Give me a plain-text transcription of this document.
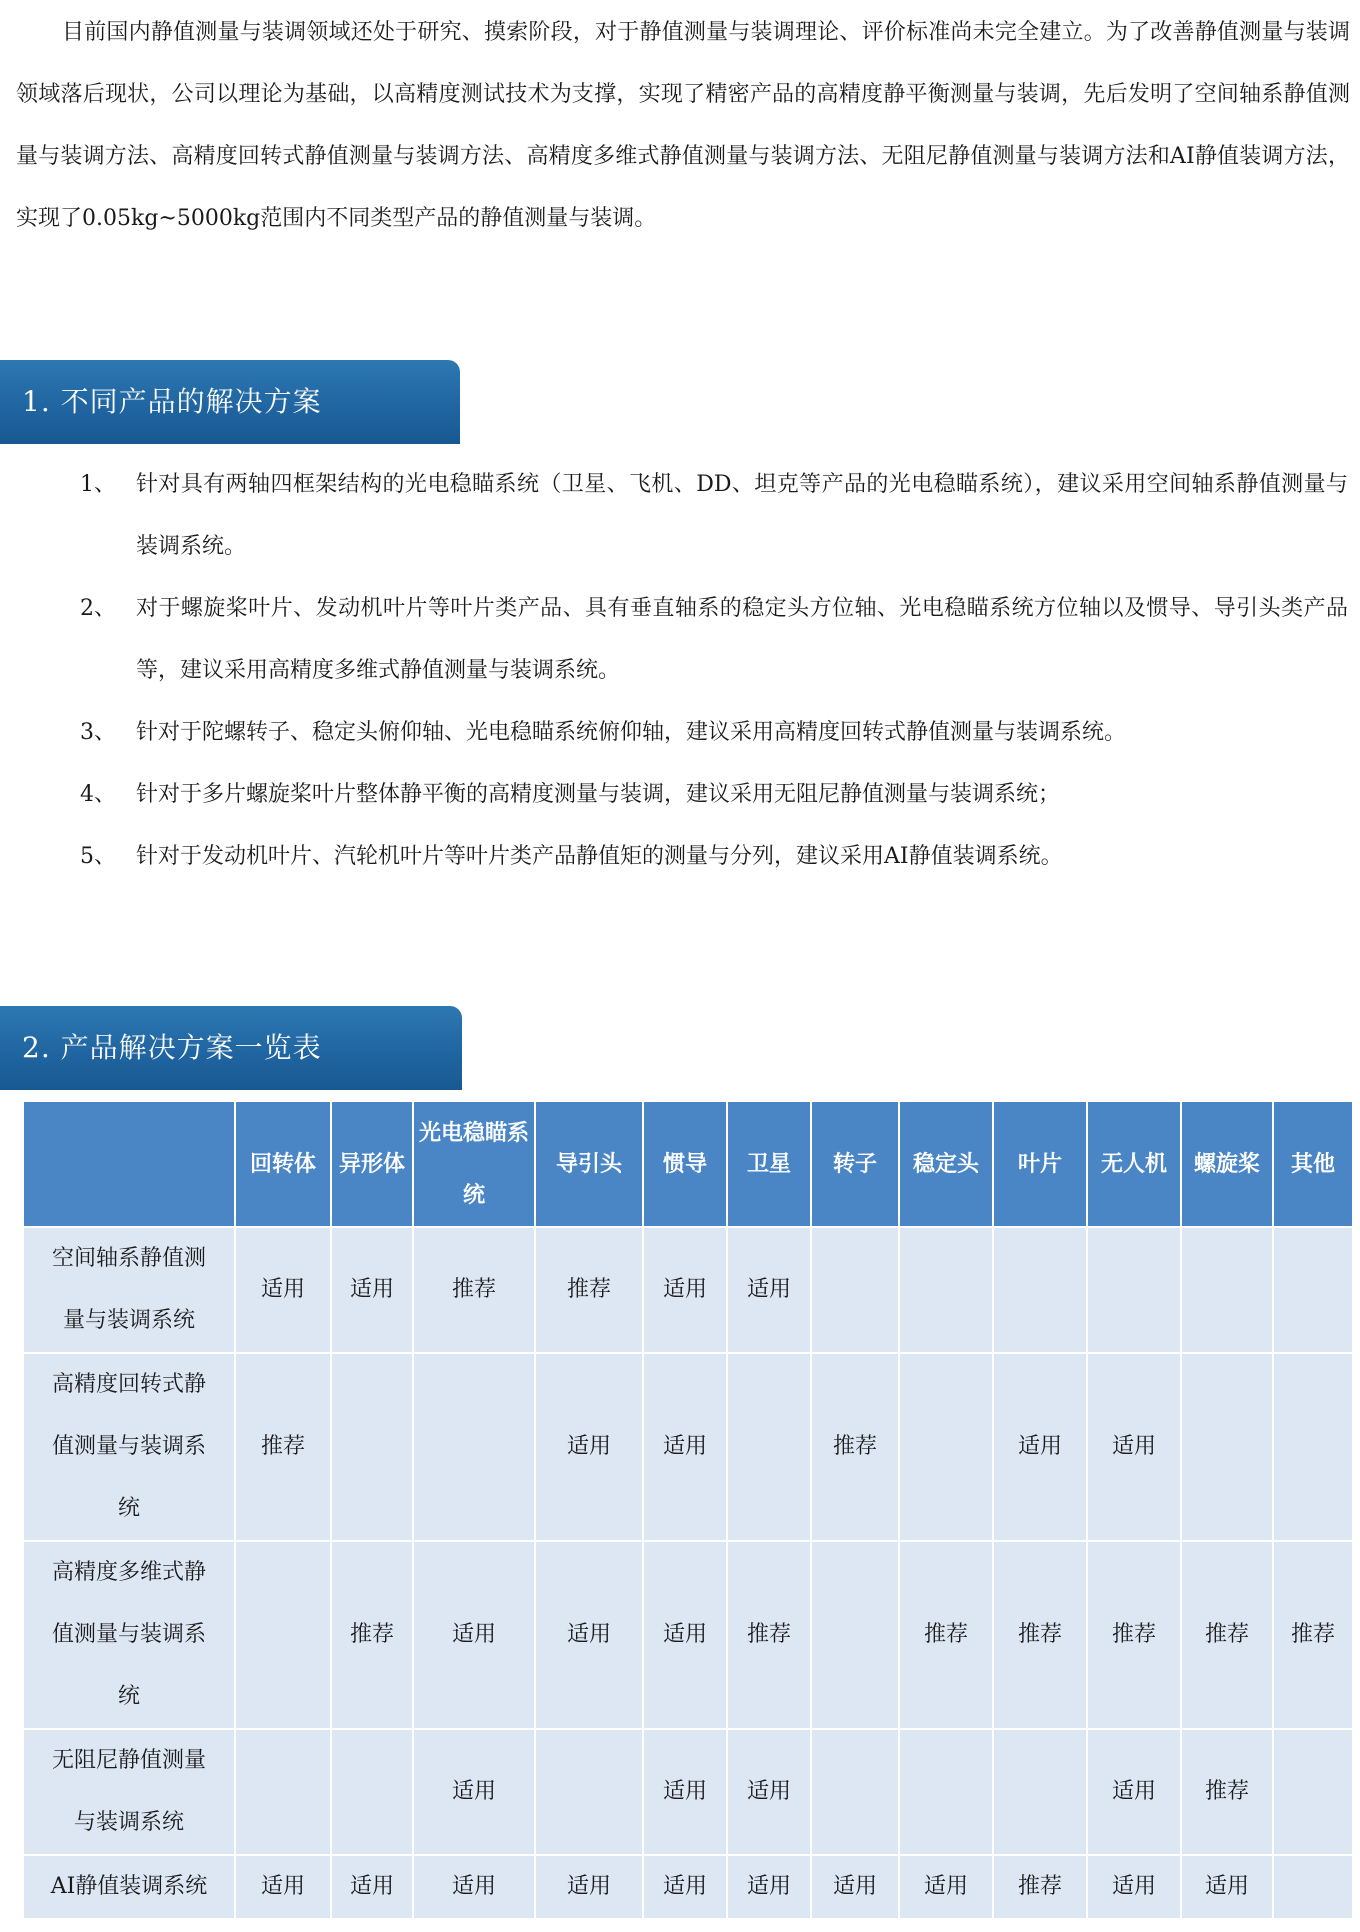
目前国内静值测量与装调领域还处于研究、摸索阶段，对于静值测量与装调理论、评价标准尚未完全建立。为了改善静值测量与装调领域落后现状，公司以理论为基础，以高精度测试技术为支撑，实现了精密产品的高精度静平衡测量与装调，先后发明了空间轴系静值测量与装调方法、高精度回转式静值测量与装调方法、高精度多维式静值测量与装调方法、无阻尼静值测量与装调方法和AI静值装调方法，实现了0.05kg~5000kg范围内不同类型产品的静值测量与装调。

1. 不同产品的解决方案
1、 针对具有两轴四框架结构的光电稳瞄系统（卫星、飞机、DD、坦克等产品的光电稳瞄系统），建议采用空间轴系静值测量与装调系统。
2、 对于螺旋桨叶片、发动机叶片等叶片类产品、具有垂直轴系的稳定头方位轴、光电稳瞄系统方位轴以及惯导、导引头类产品等，建议采用高精度多维式静值测量与装调系统。
3、 针对于陀螺转子、稳定头俯仰轴、光电稳瞄系统俯仰轴，建议采用高精度回转式静值测量与装调系统。
4、 针对于多片螺旋桨叶片整体静平衡的高精度测量与装调，建议采用无阻尼静值测量与装调系统；
5、 针对于发动机叶片、汽轮机叶片等叶片类产品静值矩的测量与分列，建议采用AI静值装调系统。
2. 产品解决方案一览表
	回转体	异形体	光电稳瞄系统	导引头	惯导	卫星	转子	稳定头	叶片	无人机	螺旋桨	其他
空间轴系静值测量与装调系统	适用	适用	推荐	推荐	适用	适用						
高精度回转式静值测量与装调系统	推荐			适用	适用		推荐		适用	适用		
高精度多维式静值测量与装调系统		推荐	适用	适用	适用	推荐		推荐	推荐	推荐	推荐	推荐
无阻尼静值测量与装调系统			适用		适用	适用				适用	推荐	
AI静值装调系统	适用	适用	适用	适用	适用	适用	适用	适用	推荐	适用	适用	
